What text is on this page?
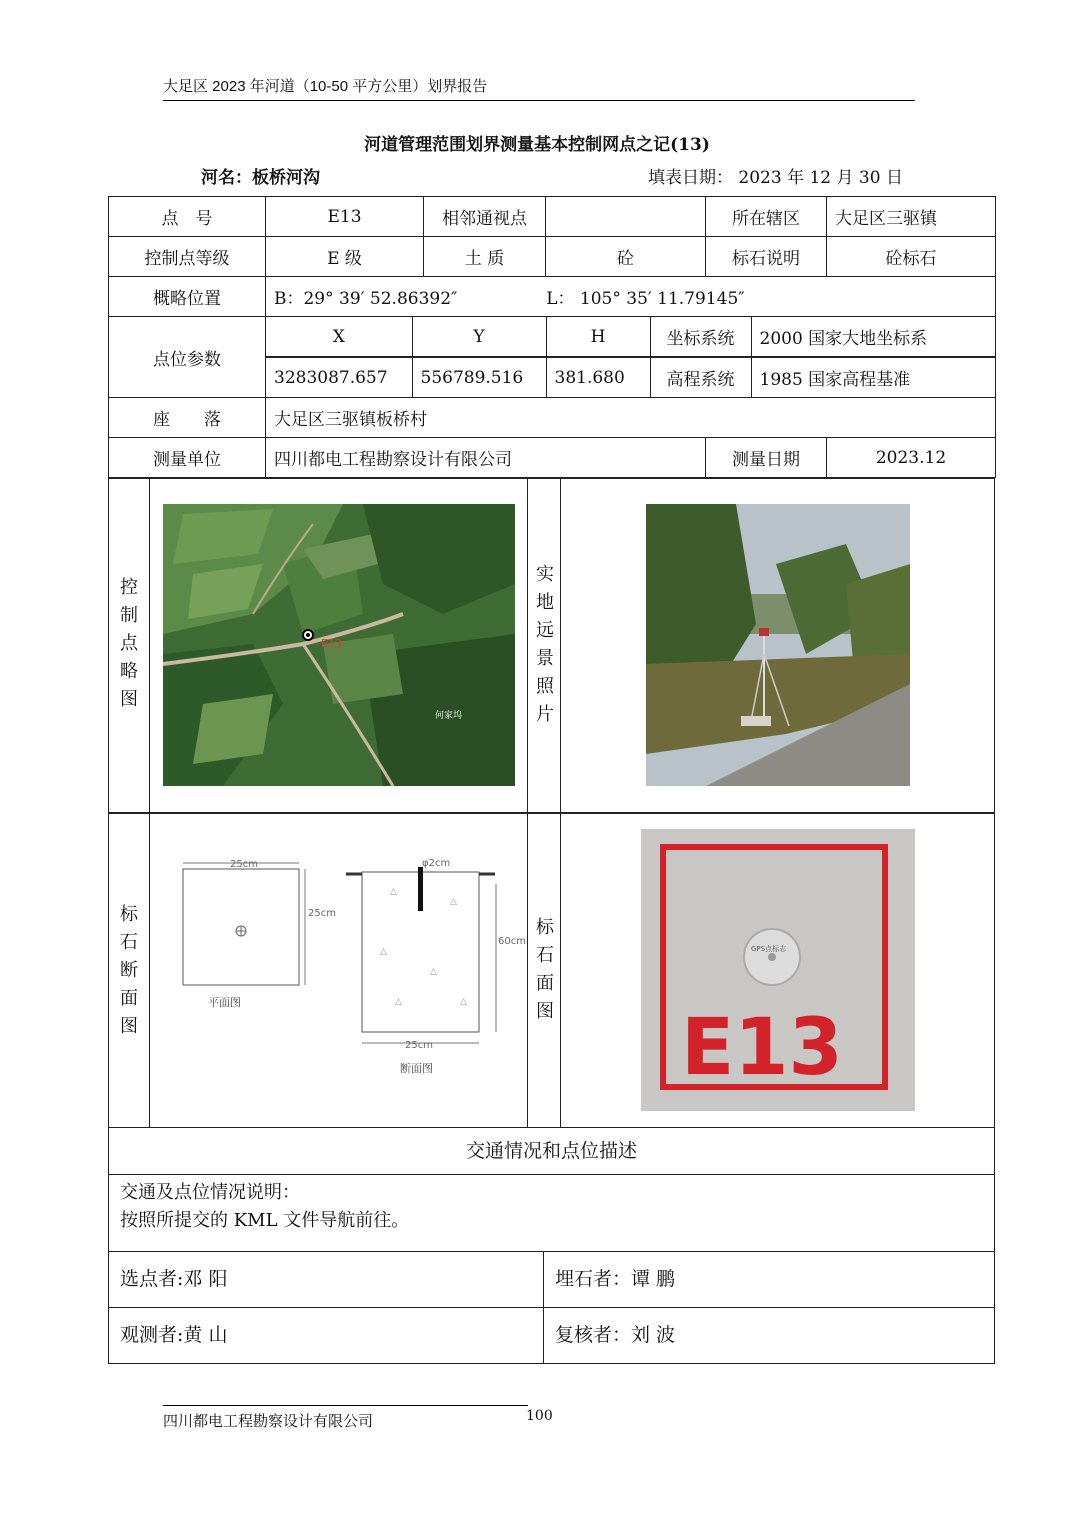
大足区 2023 年河道（10-50 平方公里）划界报告
河道管理范围划界测量基本控制网点之记(13)
河名：板桥河沟	填表日期： 2023 年 12 月 30 日
点　号	E13	相邻通视点		所在辖区	大足区三驱镇
控制点等级	E 级	土 质	砼	标石说明	砼标石
概略位置	B：29° 39′ 52.86392″	L： 105° 35′ 11.79145″
点位参数	
X	Y	H	坐标系统	2000 国家大地坐标系

3283087.657	556789.516	381.680	高程系统	1985 国家高程基准

座　　落	大足区三驱镇板桥村
测量单位	四川都电工程勘察设计有限公司	测量日期	2023.12
控
制
点
略
图
E13
何家坞
实
地
远
景
照
片
标
石
断
面
图
25cm
25cm
平面图
φ2cm
60cm
25cm
断面图
△
△
△
△
△
△
标
石
面
图
GPS点标志
E13
交通情况和点位描述
交通及点位情况说明：
按照所提交的 KML 文件导航前往。
选点者:邓 阳	埋石者：谭 鹏
观测者:黄 山	复核者：刘 波
四川都电工程勘察设计有限公司	100
